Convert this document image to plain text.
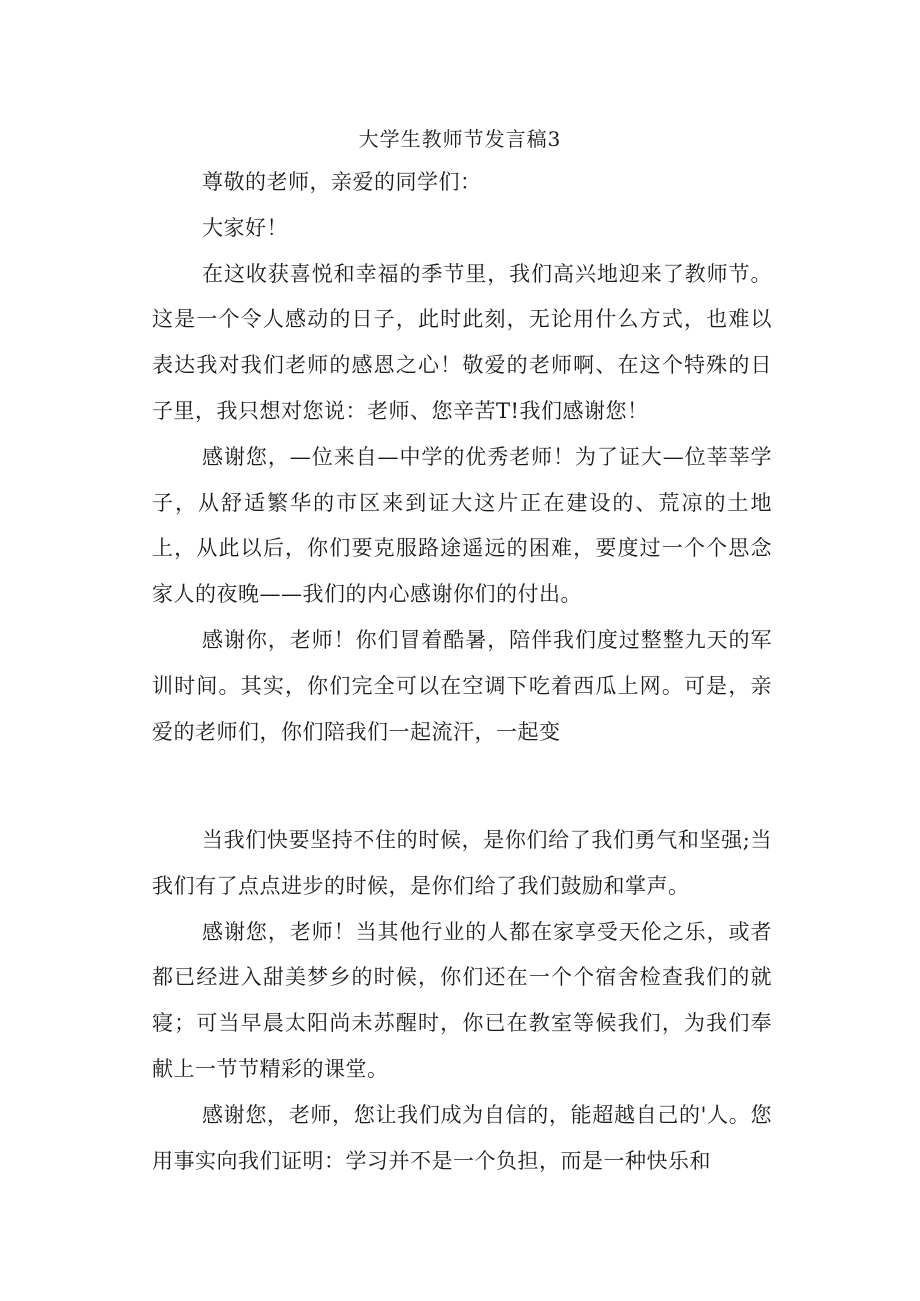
大学生教师节发言稿3

尊敬的老师，亲爱的同学们：

大家好！

在这收获喜悦和幸福的季节里，我们高兴地迎来了教师节。这是一个令人感动的日子，此时此刻，无论用什么方式，也难以表达我对我们老师的感恩之心！敬爱的老师啊、在这个特殊的日子里，我只想对您说：老师、您辛苦T!我们感谢您！

感谢您，—位来自—中学的优秀老师！为了证大—位莘莘学子，从舒适繁华的市区来到证大这片正在建设的、荒凉的土地上，从此以后，你们要克服路途遥远的困难，要度过一个个思念家人的夜晚——我们的内心感谢你们的付出。

感谢你，老师！你们冒着酷暑，陪伴我们度过整整九天的军训时间。其实，你们完全可以在空调下吃着西瓜上网。可是，亲爱的老师们，你们陪我们一起流汗，一起变

当我们快要坚持不住的时候，是你们给了我们勇气和坚强;当我们有了点点进步的时候，是你们给了我们鼓励和掌声。

感谢您，老师！当其他行业的人都在家享受天伦之乐，或者都已经进入甜美梦乡的时候，你们还在一个个宿舍检查我们的就寝；可当早晨太阳尚未苏醒时，你已在教室等候我们，为我们奉献上一节节精彩的课堂。

感谢您，老师，您让我们成为自信的，能超越自己的'人。您用事实向我们证明：学习并不是一个负担，而是一种快乐和
